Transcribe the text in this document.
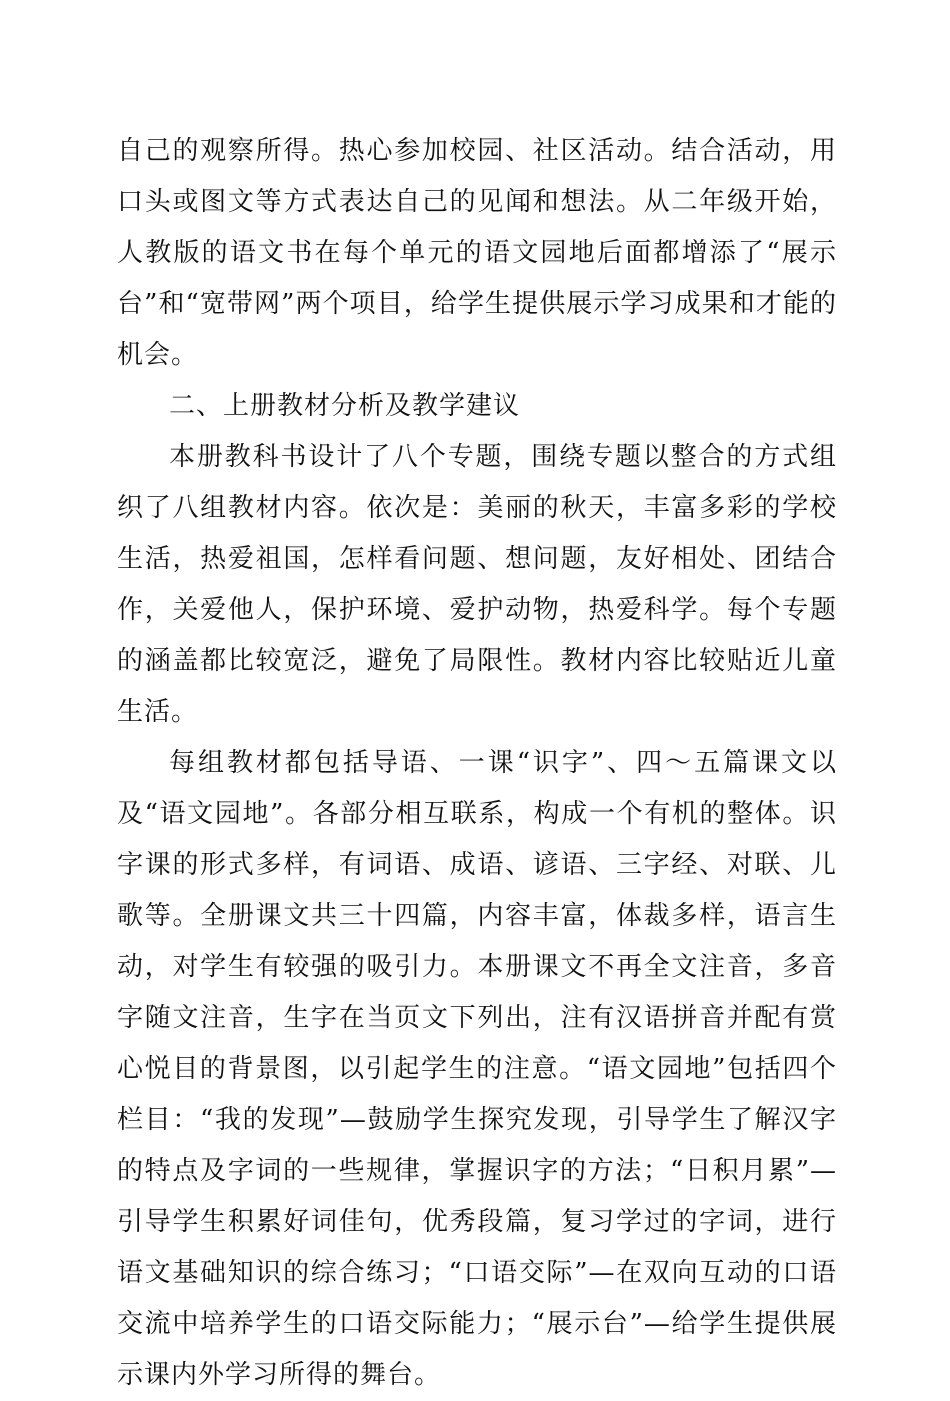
自己的观察所得。热心参加校园、社区活动。结合活动，用口头或图文等方式表达自己的见闻和想法。从二年级开始，人教版的语文书在每个单元的语文园地后面都增添了“展示台”和“宽带网”两个项目，给学生提供展示学习成果和才能的机会。

二、上册教材分析及教学建议

本册教科书设计了八个专题，围绕专题以整合的方式组织了八组教材内容。依次是：美丽的秋天，丰富多彩的学校生活，热爱祖国，怎样看问题、想问题，友好相处、团结合作，关爱他人，保护环境、爱护动物，热爱科学。每个专题的涵盖都比较宽泛，避免了局限性。教材内容比较贴近儿童生活。

每组教材都包括导语、一课“识字”、四～五篇课文以及“语文园地”。各部分相互联系，构成一个有机的整体。识字课的形式多样，有词语、成语、谚语、三字经、对联、儿歌等。全册课文共三十四篇，内容丰富，体裁多样，语言生动，对学生有较强的吸引力。本册课文不再全文注音，多音字随文注音，生字在当页文下列出，注有汉语拼音并配有赏心悦目的背景图，以引起学生的注意。“语文园地”包括四个栏目：“我的发现”—鼓励学生探究发现，引导学生了解汉字的特点及字词的一些规律，掌握识字的方法；“日积月累”—引导学生积累好词佳句，优秀段篇，复习学过的字词，进行语文基础知识的综合练习；“口语交际”—在双向互动的口语交流中培养学生的口语交际能力；“展示台”—给学生提供展示课内外学习所得的舞台。
